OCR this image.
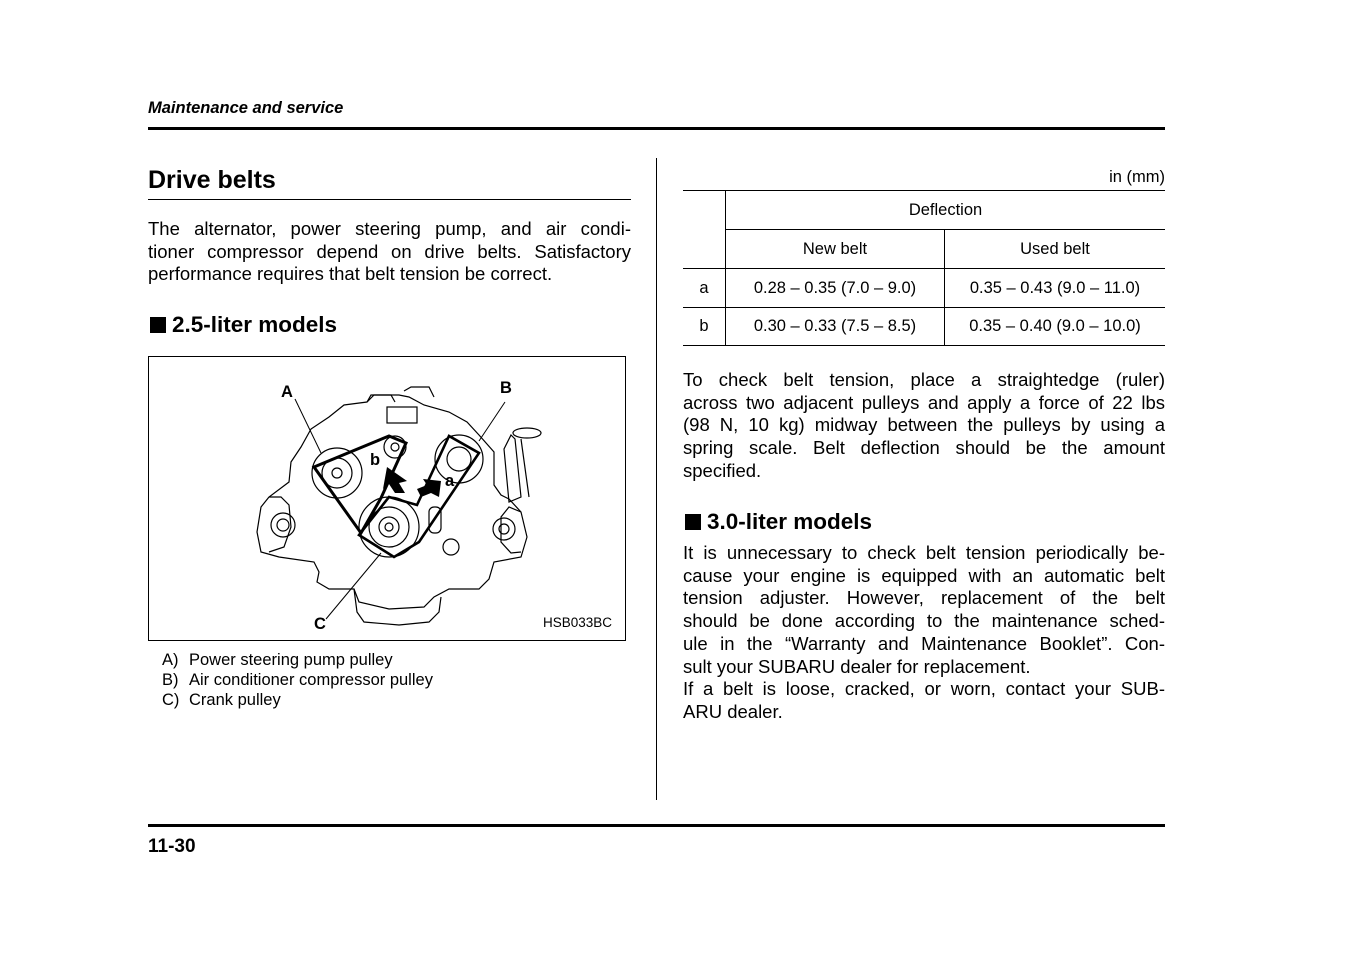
Maintenance and service
11-30
Drive belts

The alternator, power steering pump, and air condi-

tioner compressor depend on drive belts. Satisfactory

performance requires that belt tension be correct.

2.5-liter models
A	B
C
b
a
HSB033BC
A) Power steering pump pulley
B) Air conditioner compressor pulley
C) Crank pulley
in (mm)
	Deflection	
	New belt	Used belt
a	0.28 – 0.35 (7.0 – 9.0)	0.35 – 0.43 (9.0 – 11.0)
b	0.30 – 0.33 (7.5 – 8.5)	0.35 – 0.40 (9.0 – 10.0)

To check belt tension, place a straightedge (ruler)

across two adjacent pulleys and apply a force of 22 lbs

(98 N, 10 kg) midway between the pulleys by using a

spring scale. Belt deflection should be the amount

specified.

3.0-liter models

It is unnecessary to check belt tension periodically be-

cause your engine is equipped with an automatic belt

tension adjuster. However, replacement of the belt

should be done according to the maintenance sched-

ule in the “Warranty and Maintenance Booklet”. Con-

sult your SUBARU dealer for replacement.

If a belt is loose, cracked, or worn, contact your SUB-

ARU dealer.
